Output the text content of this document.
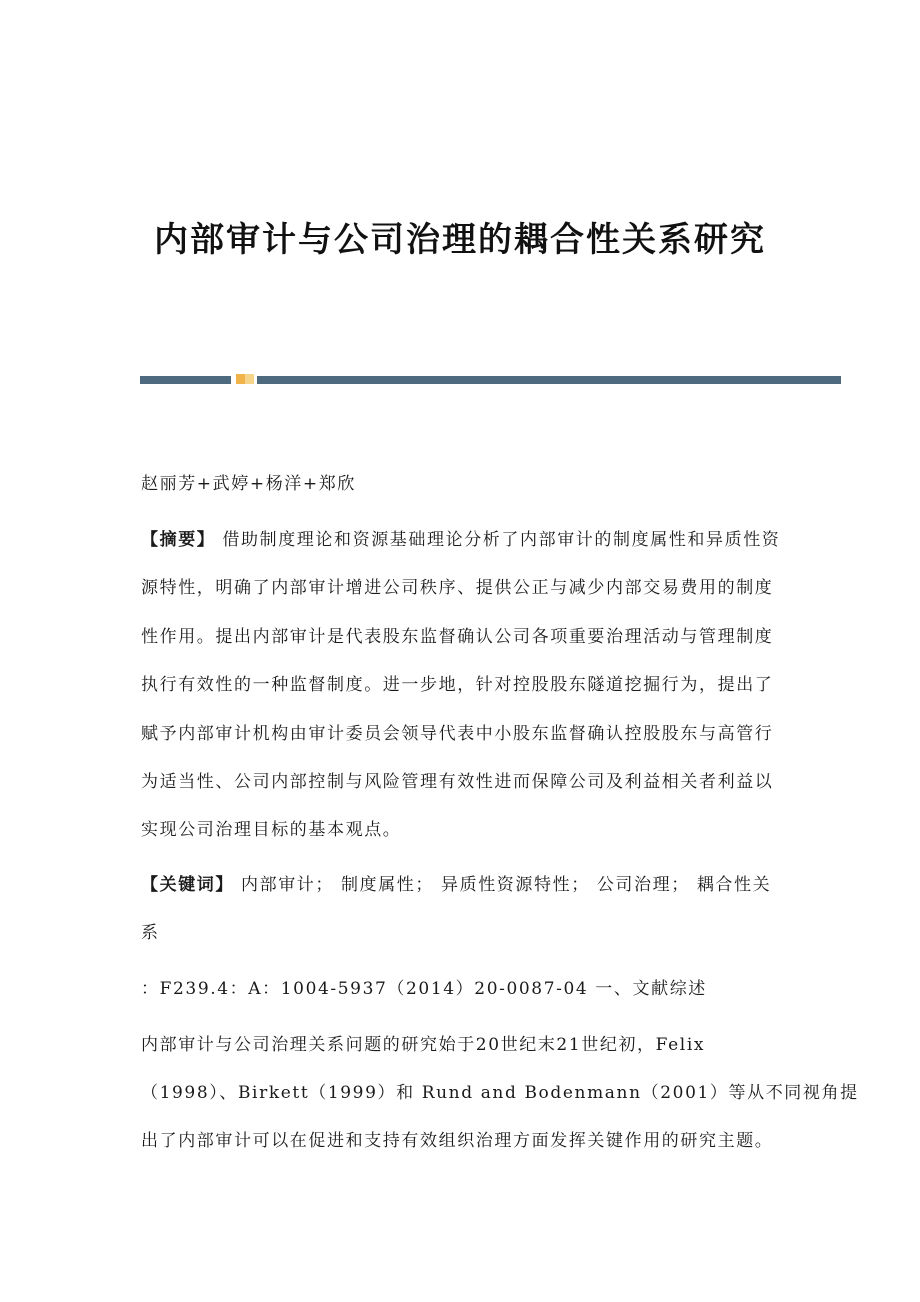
内部审计与公司治理的耦合性关系研究
赵丽芳+武婷+杨洋+郑欣
【摘要】 借助制度理论和资源基础理论分析了内部审计的制度属性和异质性资
源特性，明确了内部审计增进公司秩序、提供公正与减少内部交易费用的制度
性作用。提出内部审计是代表股东监督确认公司各项重要治理活动与管理制度
执行有效性的一种监督制度。进一步地，针对控股股东隧道挖掘行为，提出了
赋予内部审计机构由审计委员会领导代表中小股东监督确认控股股东与高管行
为适当性、公司内部控制与风险管理有效性进而保障公司及利益相关者利益以
实现公司治理目标的基本观点。
【关键词】 内部审计； 制度属性； 异质性资源特性； 公司治理； 耦合性关
系
：F239.4：A：1004-5937（2014）20-0087-04 一、文献综述
内部审计与公司治理关系问题的研究始于20世纪末21世纪初，Felix
（1998）、Birkett（1999）和 Rund and Bodenmann（2001）等从不同视角提
出了内部审计可以在促进和支持有效组织治理方面发挥关键作用的研究主题。
